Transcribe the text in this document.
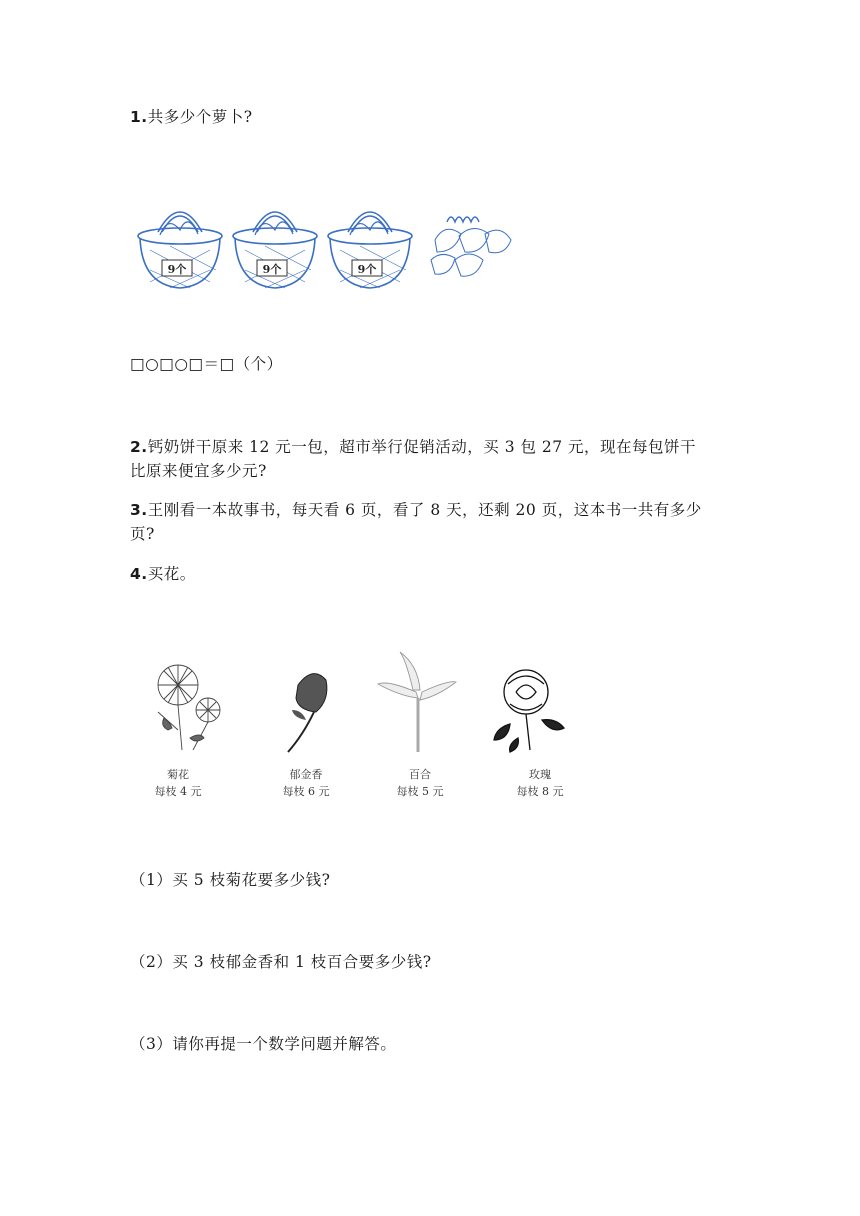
1.共多少个萝卜?
9个	9个	9个
□○□○□＝□（个）
2.钙奶饼干原来 12 元一包，超市举行促销活动，买 3 包 27 元，现在每包饼干
比原来便宜多少元?
3.王刚看一本故事书，每天看 6 页，看了 8 天，还剩 20 页，这本书一共有多少
页?
4.买花。
菊花
每枝 4 元
郁金香
每枝 6 元
百合
每枝 5 元
玫瑰
每枝 8 元
（1）买 5 枝菊花要多少钱?
（2）买 3 枝郁金香和 1 枝百合要多少钱?
（3）请你再提一个数学问题并解答。
